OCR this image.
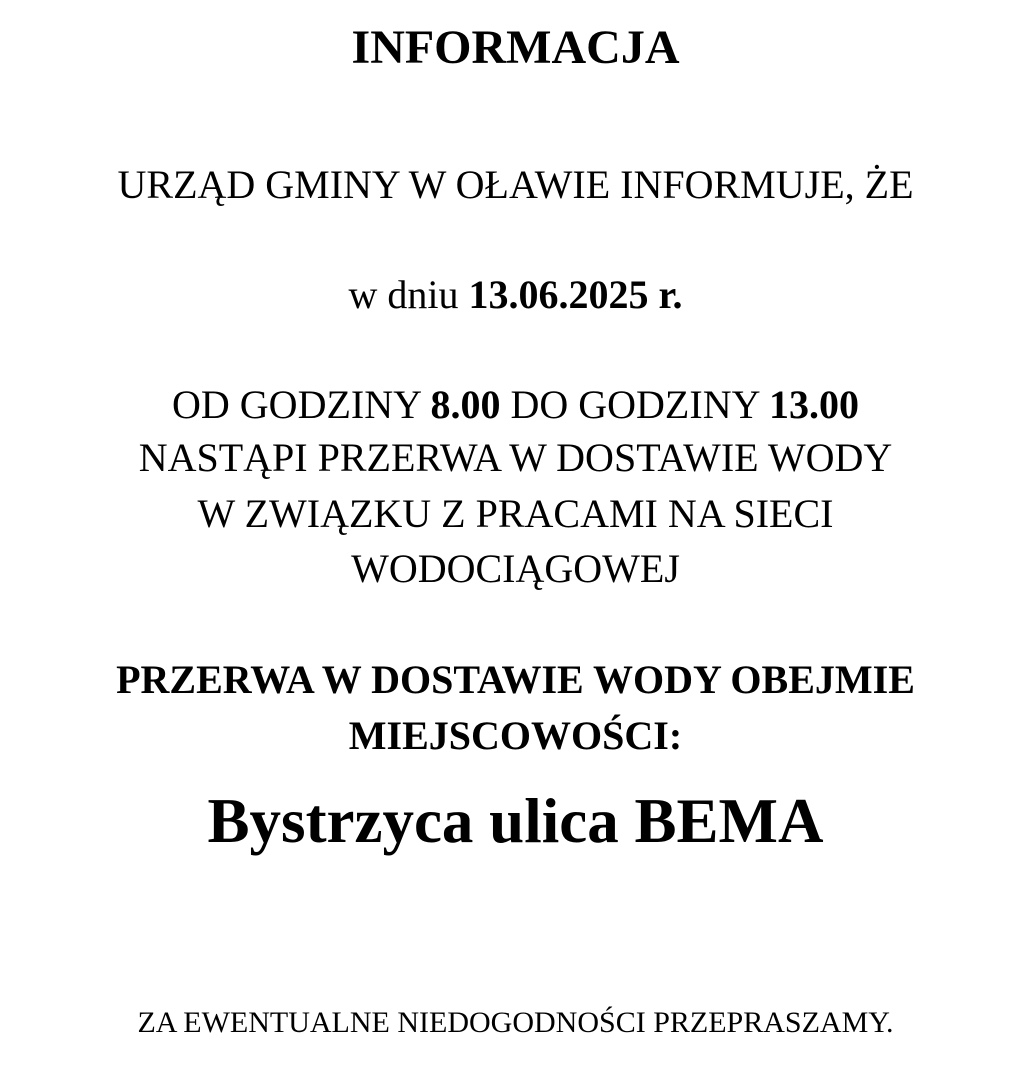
INFORMACJA
URZĄD GMINY W OŁAWIE INFORMUJE, ŻE
w dniu 13.06.2025 r.
OD GODZINY 8.00 DO GODZINY 13.00
NASTĄPI PRZERWA W DOSTAWIE WODY
W ZWIĄZKU Z PRACAMI NA SIECI
WODOCIĄGOWEJ
PRZERWA W DOSTAWIE WODY OBEJMIE
MIEJSCOWOŚCI:
Bystrzyca ulica BEMA
ZA EWENTUALNE NIEDOGODNOŚCI PRZEPRASZAMY.
